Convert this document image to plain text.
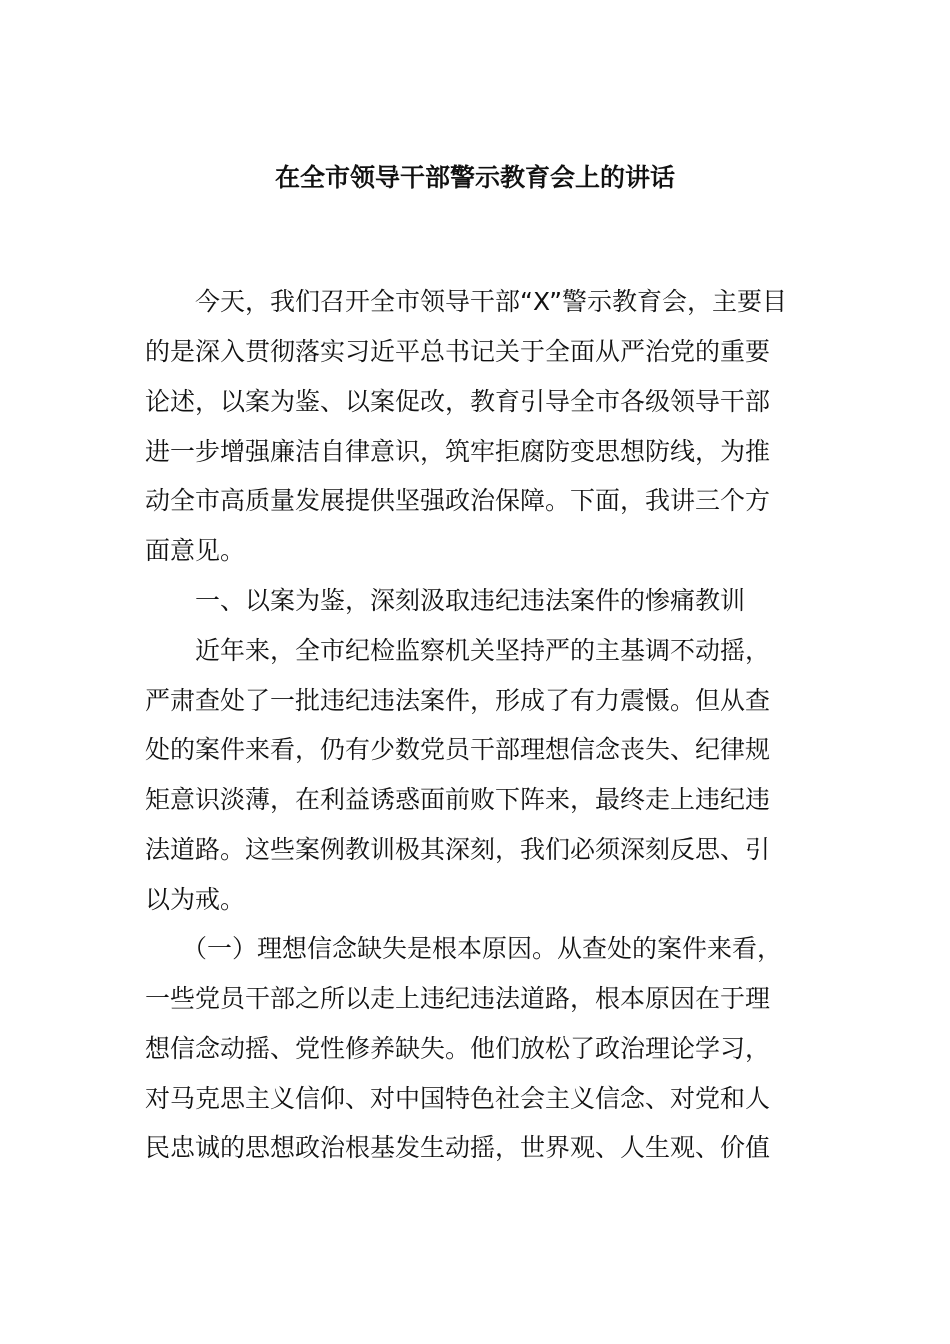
在全市领导干部警示教育会上的讲话
今天，我们召开全市领导干部“X”警示教育会，主要目
的是深入贯彻落实习近平总书记关于全面从严治党的重要
论述，以案为鉴、以案促改，教育引导全市各级领导干部
进一步增强廉洁自律意识，筑牢拒腐防变思想防线，为推
动全市高质量发展提供坚强政治保障。下面，我讲三个方
面意见。
一、以案为鉴，深刻汲取违纪违法案件的惨痛教训
近年来，全市纪检监察机关坚持严的主基调不动摇，
严肃查处了一批违纪违法案件，形成了有力震慑。但从查
处的案件来看，仍有少数党员干部理想信念丧失、纪律规
矩意识淡薄，在利益诱惑面前败下阵来，最终走上违纪违
法道路。这些案例教训极其深刻，我们必须深刻反思、引
以为戒。
（一）理想信念缺失是根本原因。从查处的案件来看，
一些党员干部之所以走上违纪违法道路，根本原因在于理
想信念动摇、党性修养缺失。他们放松了政治理论学习，
对马克思主义信仰、对中国特色社会主义信念、对党和人
民忠诚的思想政治根基发生动摇，世界观、人生观、价值
